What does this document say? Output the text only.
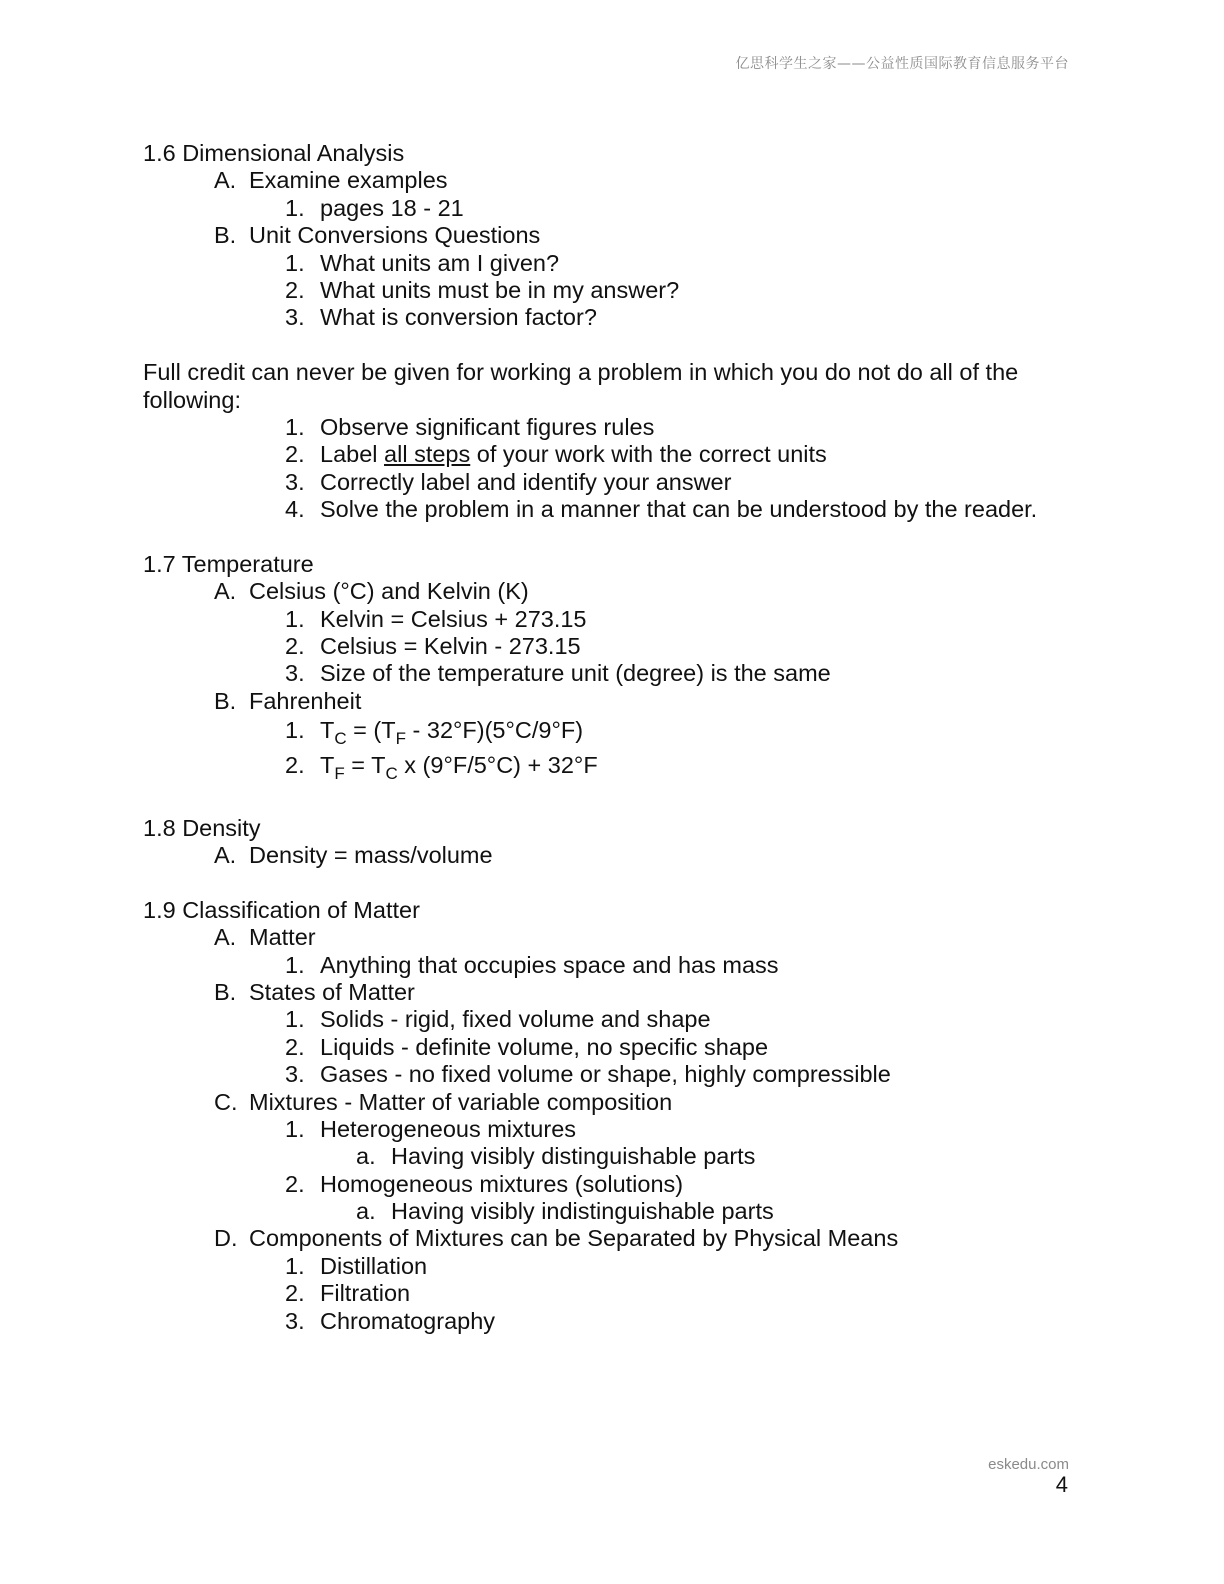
亿思科学生之家——公益性质国际教育信息服务平台
1.6 Dimensional Analysis
A. Examine examples
1. pages 18 - 21
B. Unit Conversions Questions
1. What units am I given?
2. What units must be in my answer?
3. What is conversion factor?
Full credit can never be given for working a problem in which you do not do all of the following:
1. Observe significant figures rules
2. Label all steps of your work with the correct units
3. Correctly label and identify your answer
4. Solve the problem in a manner that can be understood by the reader.
1.7 Temperature
A. Celsius (°C) and Kelvin (K)
1. Kelvin = Celsius + 273.15
2. Celsius = Kelvin - 273.15
3. Size of the temperature unit (degree) is the same
B. Fahrenheit
1. $T_C = (T_F - 32^\circ F)(5^\circ C/9^\circ F)$
2. $T_F = T_C$ x (9°F/5°C) + 32°F
1.8 Density
A. Density = mass/volume
1.9 Classification of Matter
A. Matter
1. Anything that occupies space and has mass
B. States of Matter
1. Solids - rigid, fixed volume and shape
2. Liquids - definite volume, no specific shape
3. Gases - no fixed volume or shape, highly compressible
C. Mixtures - Matter of variable composition
1. Heterogeneous mixtures
a. Having visibly distinguishable parts
2. Homogeneous mixtures (solutions)
a. Having visibly indistinguishable parts
D. Components of Mixtures can be Separated by Physical Means
1. Distillation
2. Filtration
3. Chromatography
eskedu.com
4
